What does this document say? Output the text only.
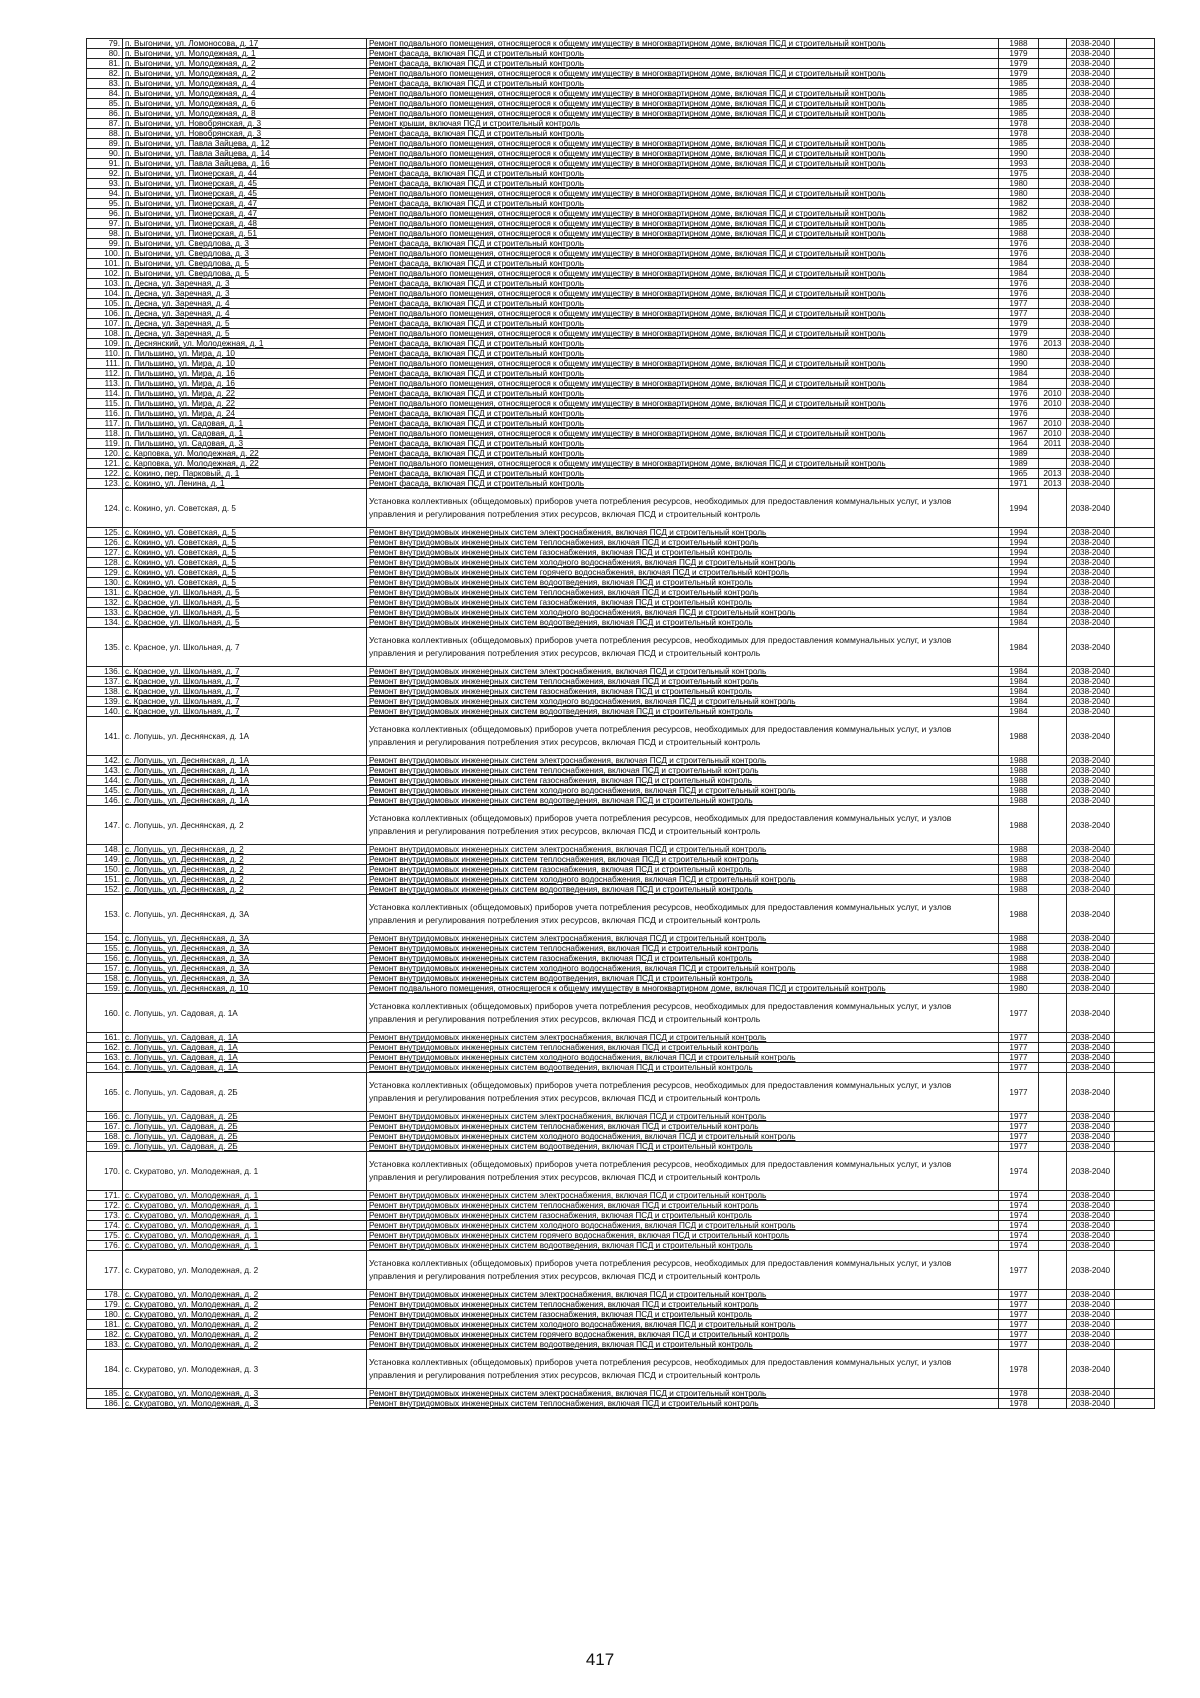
79.	п. Выгоничи, ул. Ломоносова, д. 17	Ремонт подвального помещения, относящегося к общему имуществу в многоквартирном доме, включая ПСД и строительный контроль	1988		2038-2040	
80.	п. Выгоничи, ул. Молодежная, д. 1	Ремонт фасада, включая ПСД и строительный контроль	1979		2038-2040	
81.	п. Выгоничи, ул. Молодежная, д. 2	Ремонт фасада, включая ПСД и строительный контроль	1979		2038-2040	
82.	п. Выгоничи, ул. Молодежная, д. 2	Ремонт подвального помещения, относящегося к общему имуществу в многоквартирном доме, включая ПСД и строительный контроль	1979		2038-2040	
83.	п. Выгоничи, ул. Молодежная, д. 4	Ремонт фасада, включая ПСД и строительный контроль	1985		2038-2040	
84.	п. Выгоничи, ул. Молодежная, д. 4	Ремонт подвального помещения, относящегося к общему имуществу в многоквартирном доме, включая ПСД и строительный контроль	1985		2038-2040	
85.	п. Выгоничи, ул. Молодежная, д. 6	Ремонт подвального помещения, относящегося к общему имуществу в многоквартирном доме, включая ПСД и строительный контроль	1985		2038-2040	
86.	п. Выгоничи, ул. Молодежная, д. 8	Ремонт подвального помещения, относящегося к общему имуществу в многоквартирном доме, включая ПСД и строительный контроль	1985		2038-2040	
87.	п. Выгоничи, ул. Новобрянская, д. 3	Ремонт крыши, включая ПСД и строительный контроль	1978		2038-2040	
88.	п. Выгоничи, ул. Новобрянская, д. 3	Ремонт фасада, включая ПСД и строительный контроль	1978		2038-2040	
89.	п. Выгоничи, ул. Павла Зайцева, д. 12	Ремонт подвального помещения, относящегося к общему имуществу в многоквартирном доме, включая ПСД и строительный контроль	1985		2038-2040	
90.	п. Выгоничи, ул. Павла Зайцева, д. 14	Ремонт подвального помещения, относящегося к общему имуществу в многоквартирном доме, включая ПСД и строительный контроль	1990		2038-2040	
91.	п. Выгоничи, ул. Павла Зайцева, д. 16	Ремонт подвального помещения, относящегося к общему имуществу в многоквартирном доме, включая ПСД и строительный контроль	1993		2038-2040	
92.	п. Выгоничи, ул. Пионерская, д. 44	Ремонт фасада, включая ПСД и строительный контроль	1975		2038-2040	
93.	п. Выгоничи, ул. Пионерская, д. 45	Ремонт фасада, включая ПСД и строительный контроль	1980		2038-2040	
94.	п. Выгоничи, ул. Пионерская, д. 45	Ремонт подвального помещения, относящегося к общему имуществу в многоквартирном доме, включая ПСД и строительный контроль	1980		2038-2040	
95.	п. Выгоничи, ул. Пионерская, д. 47	Ремонт фасада, включая ПСД и строительный контроль	1982		2038-2040	
96.	п. Выгоничи, ул. Пионерская, д. 47	Ремонт подвального помещения, относящегося к общему имуществу в многоквартирном доме, включая ПСД и строительный контроль	1982		2038-2040	
97.	п. Выгоничи, ул. Пионерская, д. 48	Ремонт подвального помещения, относящегося к общему имуществу в многоквартирном доме, включая ПСД и строительный контроль	1985		2038-2040	
98.	п. Выгоничи, ул. Пионерская, д. 51	Ремонт подвального помещения, относящегося к общему имуществу в многоквартирном доме, включая ПСД и строительный контроль	1988		2038-2040	
99.	п. Выгоничи, ул. Свердлова, д. 3	Ремонт фасада, включая ПСД и строительный контроль	1976		2038-2040	
100.	п. Выгоничи, ул. Свердлова, д. 3	Ремонт подвального помещения, относящегося к общему имуществу в многоквартирном доме, включая ПСД и строительный контроль	1976		2038-2040	
101.	п. Выгоничи, ул. Свердлова, д. 5	Ремонт фасада, включая ПСД и строительный контроль	1984		2038-2040	
102.	п. Выгоничи, ул. Свердлова, д. 5	Ремонт подвального помещения, относящегося к общему имуществу в многоквартирном доме, включая ПСД и строительный контроль	1984		2038-2040	
103.	п. Десна, ул. Заречная, д. 3	Ремонт фасада, включая ПСД и строительный контроль	1976		2038-2040	
104.	п. Десна, ул. Заречная, д. 3	Ремонт подвального помещения, относящегося к общему имуществу в многоквартирном доме, включая ПСД и строительный контроль	1976		2038-2040	
105.	п. Десна, ул. Заречная, д. 4	Ремонт фасада, включая ПСД и строительный контроль	1977		2038-2040	
106.	п. Десна, ул. Заречная, д. 4	Ремонт подвального помещения, относящегося к общему имуществу в многоквартирном доме, включая ПСД и строительный контроль	1977		2038-2040	
107.	п. Десна, ул. Заречная, д. 5	Ремонт фасада, включая ПСД и строительный контроль	1979		2038-2040	
108.	п. Десна, ул. Заречная, д. 5	Ремонт подвального помещения, относящегося к общему имуществу в многоквартирном доме, включая ПСД и строительный контроль	1979		2038-2040	
109.	п. Деснянский, ул. Молодежная, д. 1	Ремонт фасада, включая ПСД и строительный контроль	1976	2013	2038-2040	
110.	п. Пильшино, ул. Мира, д. 10	Ремонт фасада, включая ПСД и строительный контроль	1980		2038-2040	
111.	п. Пильшино, ул. Мира, д. 10	Ремонт подвального помещения, относящегося к общему имуществу в многоквартирном доме, включая ПСД и строительный контроль	1990		2038-2040	
112.	п. Пильшино, ул. Мира, д. 16	Ремонт фасада, включая ПСД и строительный контроль	1984		2038-2040	
113.	п. Пильшино, ул. Мира, д. 16	Ремонт подвального помещения, относящегося к общему имуществу в многоквартирном доме, включая ПСД и строительный контроль	1984		2038-2040	
114.	п. Пильшино, ул. Мира, д. 22	Ремонт фасада, включая ПСД и строительный контроль	1976	2010	2038-2040	
115.	п. Пильшино, ул. Мира, д. 22	Ремонт подвального помещения, относящегося к общему имуществу в многоквартирном доме, включая ПСД и строительный контроль	1976	2010	2038-2040	
116.	п. Пильшино, ул. Мира, д. 24	Ремонт фасада, включая ПСД и строительный контроль	1976		2038-2040	
117.	п. Пильшино, ул. Садовая, д. 1	Ремонт фасада, включая ПСД и строительный контроль	1967	2010	2038-2040	
118.	п. Пильшино, ул. Садовая, д. 1	Ремонт подвального помещения, относящегося к общему имуществу в многоквартирном доме, включая ПСД и строительный контроль	1967	2010	2038-2040	
119.	п. Пильшино, ул. Садовая, д. 3	Ремонт фасада, включая ПСД и строительный контроль	1964	2011	2038-2040	
120.	с. Карповка, ул. Молодежная, д. 22	Ремонт фасада, включая ПСД и строительный контроль	1989		2038-2040	
121.	с. Карповка, ул. Молодежная, д. 22	Ремонт подвального помещения, относящегося к общему имуществу в многоквартирном доме, включая ПСД и строительный контроль	1989		2038-2040	
122.	с. Кокино, пер. Парковый, д. 1	Ремонт фасада, включая ПСД и строительный контроль	1965	2013	2038-2040	
123.	с. Кокино, ул. Ленина, д. 1	Ремонт фасада, включая ПСД и строительный контроль	1971	2013	2038-2040	
124.	с. Кокино, ул. Советская, д. 5	Установка коллективных (общедомовых) приборов учета потребления ресурсов, необходимых для предоставления коммунальных услуг, и узлов управления и регулирования потребления этих ресурсов, включая ПСД и строительный контроль	1994		2038-2040	
125.	с. Кокино, ул. Советская, д. 5	Ремонт внутридомовых инженерных систем электроснабжения, включая ПСД и строительный контроль	1994		2038-2040	
126.	с. Кокино, ул. Советская, д. 5	Ремонт внутридомовых инженерных систем теплоснабжения, включая ПСД и строительный контроль	1994		2038-2040	
127.	с. Кокино, ул. Советская, д. 5	Ремонт внутридомовых инженерных систем газоснабжения, включая ПСД и строительный контроль	1994		2038-2040	
128.	с. Кокино, ул. Советская, д. 5	Ремонт внутридомовых инженерных систем холодного водоснабжения, включая ПСД и строительный контроль	1994		2038-2040	
129.	с. Кокино, ул. Советская, д. 5	Ремонт внутридомовых инженерных систем горячего водоснабжения, включая ПСД и строительный контроль	1994		2038-2040	
130.	с. Кокино, ул. Советская, д. 5	Ремонт внутридомовых инженерных систем водоотведения, включая ПСД и строительный контроль	1994		2038-2040	
131.	с. Красное, ул. Школьная, д. 5	Ремонт внутридомовых инженерных систем теплоснабжения, включая ПСД и строительный контроль	1984		2038-2040	
132.	с. Красное, ул. Школьная, д. 5	Ремонт внутридомовых инженерных систем газоснабжения, включая ПСД и строительный контроль	1984		2038-2040	
133.	с. Красное, ул. Школьная, д. 5	Ремонт внутридомовых инженерных систем холодного водоснабжения, включая ПСД и строительный контроль	1984		2038-2040	
134.	с. Красное, ул. Школьная, д. 5	Ремонт внутридомовых инженерных систем водоотведения, включая ПСД и строительный контроль	1984		2038-2040	
135.	с. Красное, ул. Школьная, д. 7	Установка коллективных (общедомовых) приборов учета потребления ресурсов, необходимых для предоставления коммунальных услуг, и узлов управления и регулирования потребления этих ресурсов, включая ПСД и строительный контроль	1984		2038-2040	
136.	с. Красное, ул. Школьная, д. 7	Ремонт внутридомовых инженерных систем электроснабжения, включая ПСД и строительный контроль	1984		2038-2040	
137.	с. Красное, ул. Школьная, д. 7	Ремонт внутридомовых инженерных систем теплоснабжения, включая ПСД и строительный контроль	1984		2038-2040	
138.	с. Красное, ул. Школьная, д. 7	Ремонт внутридомовых инженерных систем газоснабжения, включая ПСД и строительный контроль	1984		2038-2040	
139.	с. Красное, ул. Школьная, д. 7	Ремонт внутридомовых инженерных систем холодного водоснабжения, включая ПСД и строительный контроль	1984		2038-2040	
140.	с. Красное, ул. Школьная, д. 7	Ремонт внутридомовых инженерных систем водоотведения, включая ПСД и строительный контроль	1984		2038-2040	
141.	с. Лопушь, ул. Деснянская, д. 1А	Установка коллективных (общедомовых) приборов учета потребления ресурсов, необходимых для предоставления коммунальных услуг, и узлов управления и регулирования потребления этих ресурсов, включая ПСД и строительный контроль	1988		2038-2040	
142.	с. Лопушь, ул. Деснянская, д. 1А	Ремонт внутридомовых инженерных систем электроснабжения, включая ПСД и строительный контроль	1988		2038-2040	
143.	с. Лопушь, ул. Деснянская, д. 1А	Ремонт внутридомовых инженерных систем теплоснабжения, включая ПСД и строительный контроль	1988		2038-2040	
144.	с. Лопушь, ул. Деснянская, д. 1А	Ремонт внутридомовых инженерных систем газоснабжения, включая ПСД и строительный контроль	1988		2038-2040	
145.	с. Лопушь, ул. Деснянская, д. 1А	Ремонт внутридомовых инженерных систем холодного водоснабжения, включая ПСД и строительный контроль	1988		2038-2040	
146.	с. Лопушь, ул. Деснянская, д. 1А	Ремонт внутридомовых инженерных систем водоотведения, включая ПСД и строительный контроль	1988		2038-2040	
147.	с. Лопушь, ул. Деснянская, д. 2	Установка коллективных (общедомовых) приборов учета потребления ресурсов, необходимых для предоставления коммунальных услуг, и узлов управления и регулирования потребления этих ресурсов, включая ПСД и строительный контроль	1988		2038-2040	
148.	с. Лопушь, ул. Деснянская, д. 2	Ремонт внутридомовых инженерных систем электроснабжения, включая ПСД и строительный контроль	1988		2038-2040	
149.	с. Лопушь, ул. Деснянская, д. 2	Ремонт внутридомовых инженерных систем теплоснабжения, включая ПСД и строительный контроль	1988		2038-2040	
150.	с. Лопушь, ул. Деснянская, д. 2	Ремонт внутридомовых инженерных систем газоснабжения, включая ПСД и строительный контроль	1988		2038-2040	
151.	с. Лопушь, ул. Деснянская, д. 2	Ремонт внутридомовых инженерных систем холодного водоснабжения, включая ПСД и строительный контроль	1988		2038-2040	
152.	с. Лопушь, ул. Деснянская, д. 2	Ремонт внутридомовых инженерных систем водоотведения, включая ПСД и строительный контроль	1988		2038-2040	
153.	с. Лопушь, ул. Деснянская, д. 3А	Установка коллективных (общедомовых) приборов учета потребления ресурсов, необходимых для предоставления коммунальных услуг, и узлов управления и регулирования потребления этих ресурсов, включая ПСД и строительный контроль	1988		2038-2040	
154.	с. Лопушь, ул. Деснянская, д. 3А	Ремонт внутридомовых инженерных систем электроснабжения, включая ПСД и строительный контроль	1988		2038-2040	
155.	с. Лопушь, ул. Деснянская, д. 3А	Ремонт внутридомовых инженерных систем теплоснабжения, включая ПСД и строительный контроль	1988		2038-2040	
156.	с. Лопушь, ул. Деснянская, д. 3А	Ремонт внутридомовых инженерных систем газоснабжения, включая ПСД и строительный контроль	1988		2038-2040	
157.	с. Лопушь, ул. Деснянская, д. 3А	Ремонт внутридомовых инженерных систем холодного водоснабжения, включая ПСД и строительный контроль	1988		2038-2040	
158.	с. Лопушь, ул. Деснянская, д. 3А	Ремонт внутридомовых инженерных систем водоотведения, включая ПСД и строительный контроль	1988		2038-2040	
159.	с. Лопушь, ул. Деснянская, д. 10	Ремонт подвального помещения, относящегося к общему имуществу в многоквартирном доме, включая ПСД и строительный контроль	1980		2038-2040	
160.	с. Лопушь, ул. Садовая, д. 1А	Установка коллективных (общедомовых) приборов учета потребления ресурсов, необходимых для предоставления коммунальных услуг, и узлов управления и регулирования потребления этих ресурсов, включая ПСД и строительный контроль	1977		2038-2040	
161.	с. Лопушь, ул. Садовая, д. 1А	Ремонт внутридомовых инженерных систем электроснабжения, включая ПСД и строительный контроль	1977		2038-2040	
162.	с. Лопушь, ул. Садовая, д. 1А	Ремонт внутридомовых инженерных систем теплоснабжения, включая ПСД и строительный контроль	1977		2038-2040	
163.	с. Лопушь, ул. Садовая, д. 1А	Ремонт внутридомовых инженерных систем холодного водоснабжения, включая ПСД и строительный контроль	1977		2038-2040	
164.	с. Лопушь, ул. Садовая, д. 1А	Ремонт внутридомовых инженерных систем водоотведения, включая ПСД и строительный контроль	1977		2038-2040	
165.	с. Лопушь, ул. Садовая, д. 2Б	Установка коллективных (общедомовых) приборов учета потребления ресурсов, необходимых для предоставления коммунальных услуг, и узлов управления и регулирования потребления этих ресурсов, включая ПСД и строительный контроль	1977		2038-2040	
166.	с. Лопушь, ул. Садовая, д. 2Б	Ремонт внутридомовых инженерных систем электроснабжения, включая ПСД и строительный контроль	1977		2038-2040	
167.	с. Лопушь, ул. Садовая, д. 2Б	Ремонт внутридомовых инженерных систем теплоснабжения, включая ПСД и строительный контроль	1977		2038-2040	
168.	с. Лопушь, ул. Садовая, д. 2Б	Ремонт внутридомовых инженерных систем холодного водоснабжения, включая ПСД и строительный контроль	1977		2038-2040	
169.	с. Лопушь, ул. Садовая, д. 2Б	Ремонт внутридомовых инженерных систем водоотведения, включая ПСД и строительный контроль	1977		2038-2040	
170.	с. Скуратово, ул. Молодежная, д. 1	Установка коллективных (общедомовых) приборов учета потребления ресурсов, необходимых для предоставления коммунальных услуг, и узлов управления и регулирования потребления этих ресурсов, включая ПСД и строительный контроль	1974		2038-2040	
171.	с. Скуратово, ул. Молодежная, д. 1	Ремонт внутридомовых инженерных систем электроснабжения, включая ПСД и строительный контроль	1974		2038-2040	
172.	с. Скуратово, ул. Молодежная, д. 1	Ремонт внутридомовых инженерных систем теплоснабжения, включая ПСД и строительный контроль	1974		2038-2040	
173.	с. Скуратово, ул. Молодежная, д. 1	Ремонт внутридомовых инженерных систем газоснабжения, включая ПСД и строительный контроль	1974		2038-2040	
174.	с. Скуратово, ул. Молодежная, д. 1	Ремонт внутридомовых инженерных систем холодного водоснабжения, включая ПСД и строительный контроль	1974		2038-2040	
175.	с. Скуратово, ул. Молодежная, д. 1	Ремонт внутридомовых инженерных систем горячего водоснабжения, включая ПСД и строительный контроль	1974		2038-2040	
176.	с. Скуратово, ул. Молодежная, д. 1	Ремонт внутридомовых инженерных систем водоотведения, включая ПСД и строительный контроль	1974		2038-2040	
177.	с. Скуратово, ул. Молодежная, д. 2	Установка коллективных (общедомовых) приборов учета потребления ресурсов, необходимых для предоставления коммунальных услуг, и узлов управления и регулирования потребления этих ресурсов, включая ПСД и строительный контроль	1977		2038-2040	
178.	с. Скуратово, ул. Молодежная, д. 2	Ремонт внутридомовых инженерных систем электроснабжения, включая ПСД и строительный контроль	1977		2038-2040	
179.	с. Скуратово, ул. Молодежная, д. 2	Ремонт внутридомовых инженерных систем теплоснабжения, включая ПСД и строительный контроль	1977		2038-2040	
180.	с. Скуратово, ул. Молодежная, д. 2	Ремонт внутридомовых инженерных систем газоснабжения, включая ПСД и строительный контроль	1977		2038-2040	
181.	с. Скуратово, ул. Молодежная, д. 2	Ремонт внутридомовых инженерных систем холодного водоснабжения, включая ПСД и строительный контроль	1977		2038-2040	
182.	с. Скуратово, ул. Молодежная, д. 2	Ремонт внутридомовых инженерных систем горячего водоснабжения, включая ПСД и строительный контроль	1977		2038-2040	
183.	с. Скуратово, ул. Молодежная, д. 2	Ремонт внутридомовых инженерных систем водоотведения, включая ПСД и строительный контроль	1977		2038-2040	
184.	с. Скуратово, ул. Молодежная, д. 3	Установка коллективных (общедомовых) приборов учета потребления ресурсов, необходимых для предоставления коммунальных услуг, и узлов управления и регулирования потребления этих ресурсов, включая ПСД и строительный контроль	1978		2038-2040	
185.	с. Скуратово, ул. Молодежная, д. 3	Ремонт внутридомовых инженерных систем электроснабжения, включая ПСД и строительный контроль	1978		2038-2040	
186.	с. Скуратово, ул. Молодежная, д. 3	Ремонт внутридомовых инженерных систем теплоснабжения, включая ПСД и строительный контроль	1978		2038-2040	
417
